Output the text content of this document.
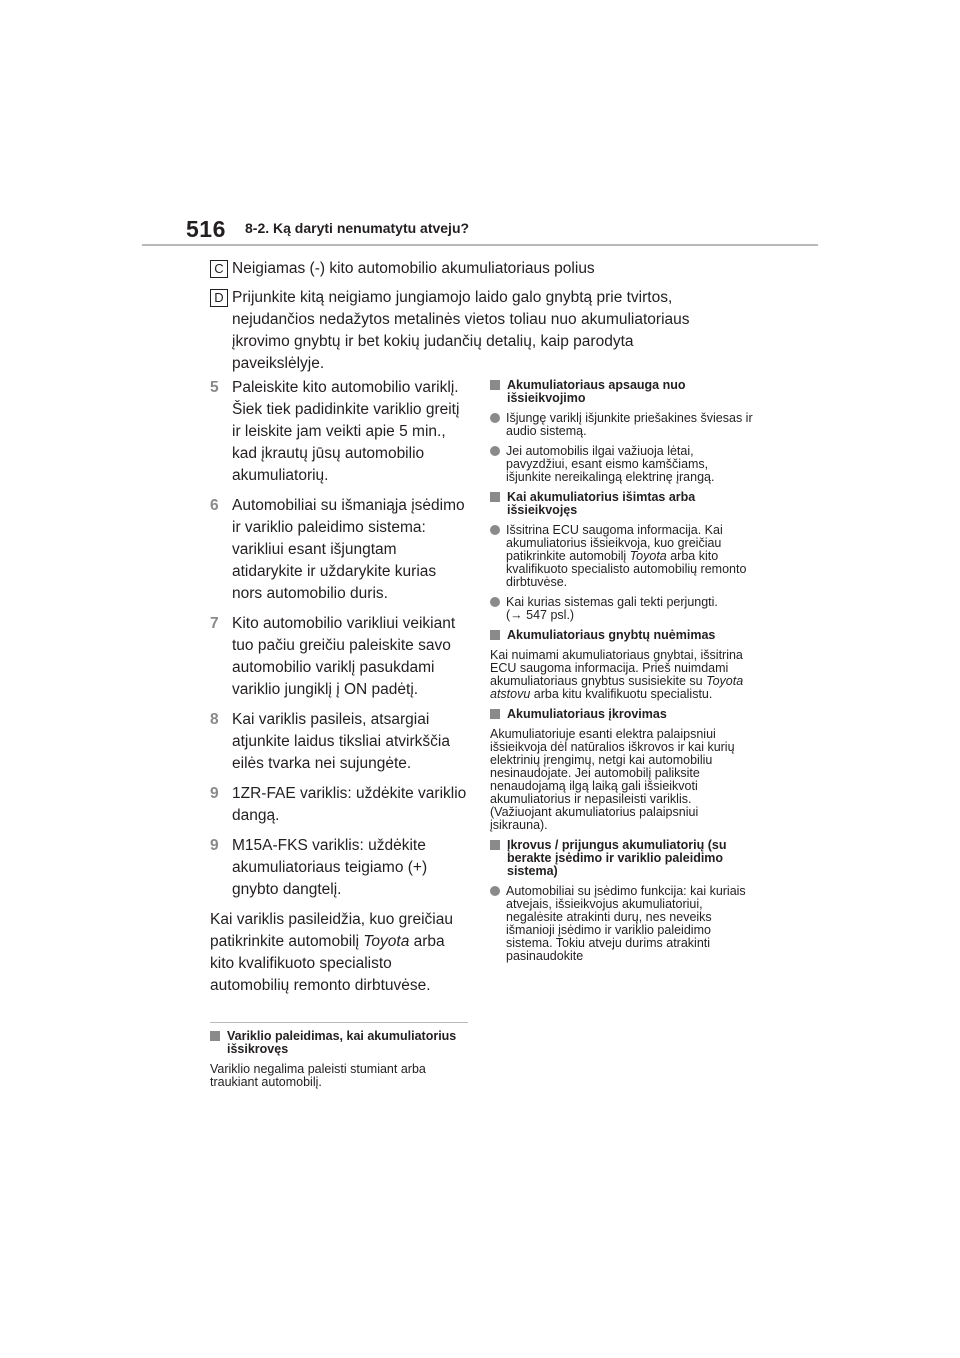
516 8-2. Ką daryti nenumatytu atveju?
C Neigiamas (-) kito automobilio akumuliatoriaus polius
D Prijunkite kitą neigiamo jungiamojo laido galo gnybtą prie tvirtos, nejudančios nedažytos metalinės vietos toliau nuo akumuliatoriaus įkrovimo gnybtų ir bet kokių judančių detalių, kaip parodyta paveikslėlyje.
5 Paleiskite kito automobilio variklį. Šiek tiek padidinkite variklio greitį ir leiskite jam veikti apie 5 min., kad įkrautų jūsų automobilio akumuliatorių.
6 Automobiliai su išmaniąja įsėdimo ir variklio paleidimo sistema: varikliui esant išjungtam atidarykite ir uždarykite kurias nors automobilio duris.
7 Kito automobilio varikliui veikiant tuo pačiu greičiu paleiskite savo automobilio variklį pasukdami variklio jungiklį į ON padėtį.
8 Kai variklis pasileis, atsargiai atjunkite laidus tiksliai atvirkščia eilės tvarka nei sujungėte.
9 1ZR-FAE variklis: uždėkite variklio dangą.
9 M15A-FKS variklis: uždėkite akumuliatoriaus teigiamo (+) gnybto dangtelį.
Kai variklis pasileidžia, kuo greičiau patikrinkite automobilį Toyota arba kito kvalifikuoto specialisto automobilių remonto dirbtuvėse.
Variklio paleidimas, kai akumuliatorius išsikrovęs
Variklio negalima paleisti stumiant arba traukiant automobilį.
Akumuliatoriaus apsauga nuo išsieikvojimo
Išjungę variklį išjunkite priešakines šviesas ir audio sistemą.
Jei automobilis ilgai važiuoja lėtai, pavyzdžiui, esant eismo kamščiams, išjunkite nereikalingą elektrinę įrangą.
Kai akumuliatorius išimtas arba išsieikvojęs
Išsitrina ECU saugoma informacija. Kai akumuliatorius išsieikvoja, kuo greičiau patikrinkite automobilį Toyota arba kito kvalifikuoto specialisto automobilių remonto dirbtuvėse.
Kai kurias sistemas gali tekti perjungti.
(→ 547 psl.)
Akumuliatoriaus gnybtų nuėmimas
Kai nuimami akumuliatoriaus gnybtai, išsitrina ECU saugoma informacija. Prieš nuimdami akumuliatoriaus gnybtus susisiekite su Toyota atstovu arba kitu kvalifikuotu specialistu.
Akumuliatoriaus įkrovimas
Akumuliatoriuje esanti elektra palaipsniui išsieikvoja dėl natūralios iškrovos ir kai kurių elektrinių įrengimų, netgi kai automobiliu nesinaudojate. Jei automobilį paliksite nenaudojamą ilgą laiką gali išsieikvoti akumuliatorius ir nepasileisti variklis. (Važiuojant akumuliatorius palaipsniui įsikrauna).
Įkrovus / prijungus akumuliatorių (su berakte įsėdimo ir variklio paleidimo sistema)
Automobiliai su įsėdimo funkcija: kai kuriais atvejais, išsieikvojus akumuliatoriui, negalėsite atrakinti durų, nes neveiks išmanioji įsėdimo ir variklio paleidimo sistema. Tokiu atveju durims atrakinti pasinaudokite
